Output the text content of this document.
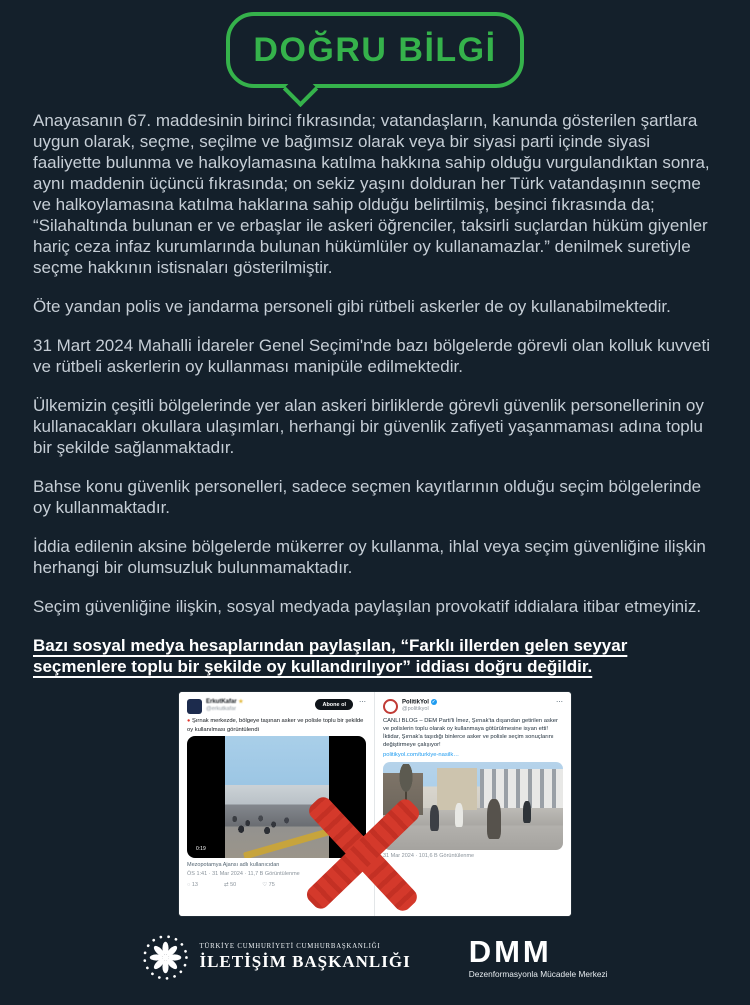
DOĞRU BİLGİ

Anayasanın 67. maddesinin birinci fıkrasında; vatandaşların, kanunda gösterilen şartlara uygun olarak, seçme, seçilme ve bağımsız olarak veya bir siyasi parti içinde siyasi faaliyette bulunma ve halkoylamasına katılma hakkına sahip olduğu vurgulandıktan sonra, aynı maddenin üçüncü fıkrasında; on sekiz yaşını dolduran her Türk vatandaşının seçme ve halkoylamasına katılma haklarına sahip olduğu belirtilmiş, beşinci fıkrasında da; “Silahaltında bulunan er ve erbaşlar ile askeri öğrenciler, taksirli suçlardan hüküm giyenler hariç ceza infaz kurumlarında bulunan hükümlüler oy kullanamazlar.” denilmek suretiyle seçme hakkının istisnaları gösterilmiştir.

Öte yandan polis ve jandarma personeli gibi rütbeli askerler de oy kullanabilmektedir.

31 Mart 2024 Mahalli İdareler Genel Seçimi'nde bazı bölgelerde görevli olan kolluk kuvveti ve rütbeli askerlerin oy kullanması manipüle edilmektedir.

Ülkemizin çeşitli bölgelerinde yer alan askeri birliklerde görevli güvenlik personellerinin oy kullanacakları okullara ulaşımları, herhangi bir güvenlik zafiyeti yaşanmaması adına toplu bir şekilde sağlanmaktadır.

Bahse konu güvenlik personelleri, sadece seçmen kayıtlarının olduğu seçim bölgelerinde oy kullanmaktadır.

İddia edilenin aksine bölgelerde mükerrer oy kullanma, ihlal veya seçim güvenliğine ilişkin herhangi bir olumsuzluk bulunmamaktadır.

Seçim güvenliğine ilişkin, sosyal medyada paylaşılan provokatif iddialara itibar etmeyiniz.

Bazı sosyal medya hesaplarından paylaşılan, “Farklı illerden gelen seyyar seçmenlere toplu bir şekilde oy kullandırılıyor” iddiası doğru değildir.

ErkutKafar ★
@erkutkafar
Abone ol	⋯
● Şırnak merkezde, bölgeye taşınan asker ve polisle toplu bir şekilde oy kullanılması görüntülendi
0:19
Mezopotamya Ajansı adlı kullanıcıdan
ÖS 1:41 · 31 Mar 2024 · 11,7 B Görüntülenme
◌ 13	⇄ 50	♡ 75
PolitikYol ✓
@politikyol
⋯
CANLI BLOG – DEM Parti'li İmez, Şırnak'ta dışarıdan getirilen asker ve polislerin toplu olarak oy kullanmaya götürülmesine isyan etti! İktidar, Şırnak'a taşıdığı binlerce asker ve polisle seçim sonuçlarını değiştirmeye çalışıyor!
politikyol.com/turkiye-nasilk…
31 Mar 2024 · 101,6 B Görüntülenme
TÜRKİYE CUMHURİYETİ CUMHURBAŞKANLIĞI
İLETİŞİM BAŞKANLIĞI DMM
Dezenformasyonla Mücadele Merkezi
